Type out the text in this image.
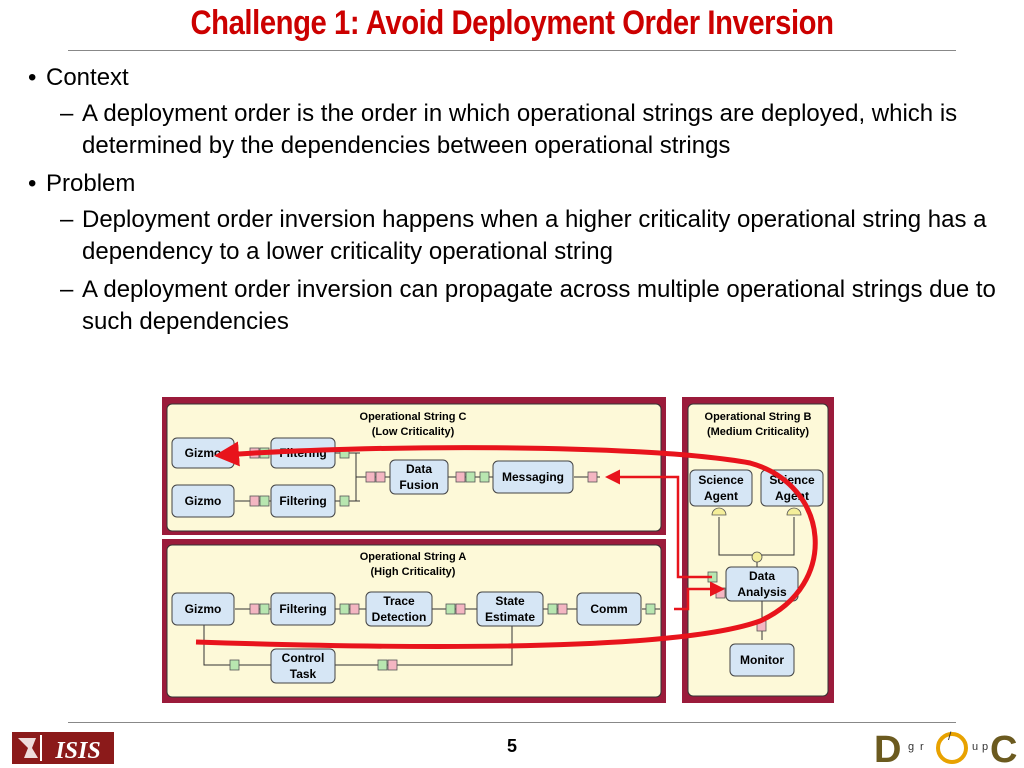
Challenge 1: Avoid Deployment Order Inversion
• Context
– A deployment order is the order in which operational strings are deployed, which is determined by the dependencies between operational strings
• Problem
– Deployment order inversion happens when a higher criticality operational string has a dependency to a lower criticality operational string
– A deployment order inversion can propagate across multiple operational strings due to such dependencies
Operational String C
(Low Criticality)
Gizmo	Filtering
Gizmo	Filtering
Data
Fusion
Messaging
Operational String A
(High Criticality)
Gizmo	Filtering
Trace
Detection
State
Estimate
Comm
Control
Task
Operational String B
(Medium Criticality)
Science
Agent
Science
Agent
Data
Analysis
Monitor
ISIS	5	D g r
/
u p C
